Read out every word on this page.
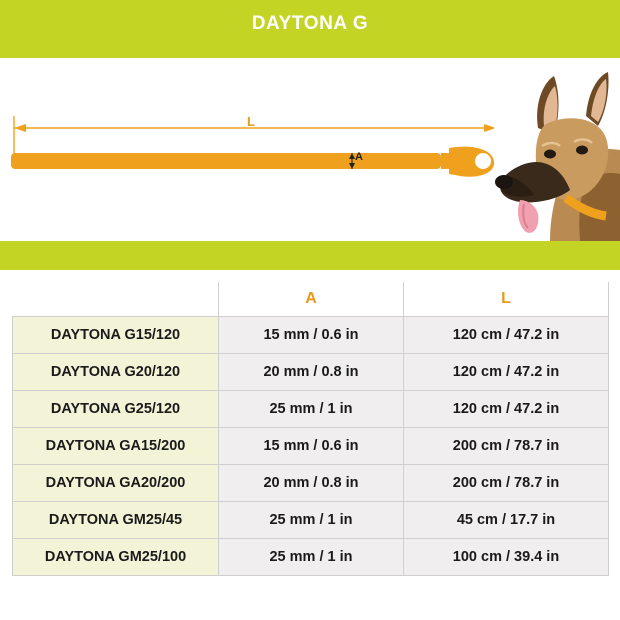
DAYTONA G
L
A
	A	L
DAYTONA G15/120	15 mm / 0.6 in	120 cm / 47.2 in
DAYTONA G20/120	20 mm / 0.8 in	120 cm / 47.2 in
DAYTONA G25/120	25 mm / 1 in	120 cm / 47.2 in
DAYTONA GA15/200	15 mm / 0.6 in	200 cm / 78.7 in
DAYTONA GA20/200	20 mm / 0.8 in	200 cm / 78.7 in
DAYTONA GM25/45	25 mm / 1 in	45 cm / 17.7 in
DAYTONA GM25/100	25 mm / 1 in	100 cm / 39.4 in
